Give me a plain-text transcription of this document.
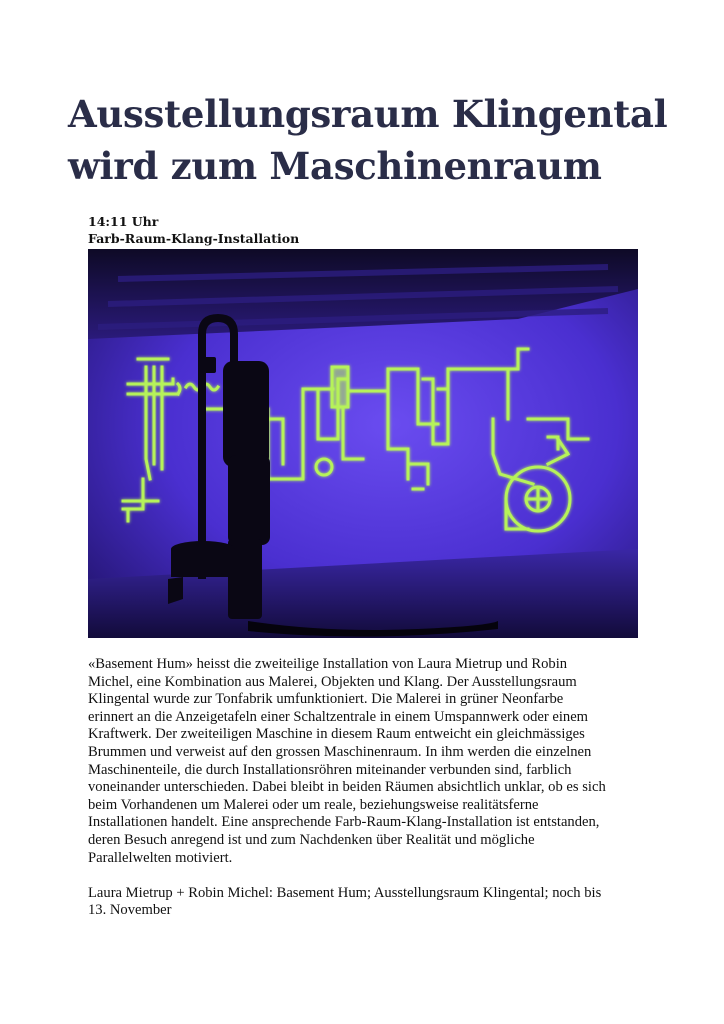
Ausstellungsraum Klingental
wird zum Maschinenraum
14:11 Uhr
Farb-Raum-Klang-Installation
«Basement Hum» heisst die zweiteilige Installation von Laura Mietrup und Robin
Michel, eine Kombination aus Malerei, Objekten und Klang. Der Ausstellungsraum
Klingental wurde zur Tonfabrik umfunktioniert. Die Malerei in grüner Neonfarbe
erinnert an die Anzeigetafeln einer Schaltzentrale in einem Umspannwerk oder einem
Kraftwerk. Der zweiteiligen Maschine in diesem Raum entweicht ein gleichmässiges
Brummen und verweist auf den grossen Maschinenraum. In ihm werden die einzelnen
Maschinenteile, die durch Installationsröhren miteinander verbunden sind, farblich
voneinander unterschieden. Dabei bleibt in beiden Räumen absichtlich unklar, ob es sich
beim Vorhandenen um Malerei oder um reale, beziehungsweise realitätsferne
Installationen handelt. Eine ansprechende Farb-Raum-Klang-Installation ist entstanden,
deren Besuch anregend ist und zum Nachdenken über Realität und mögliche
Parallelwelten motiviert.
Laura Mietrup + Robin Michel: Basement Hum; Ausstellungsraum Klingental; noch bis
13. November
